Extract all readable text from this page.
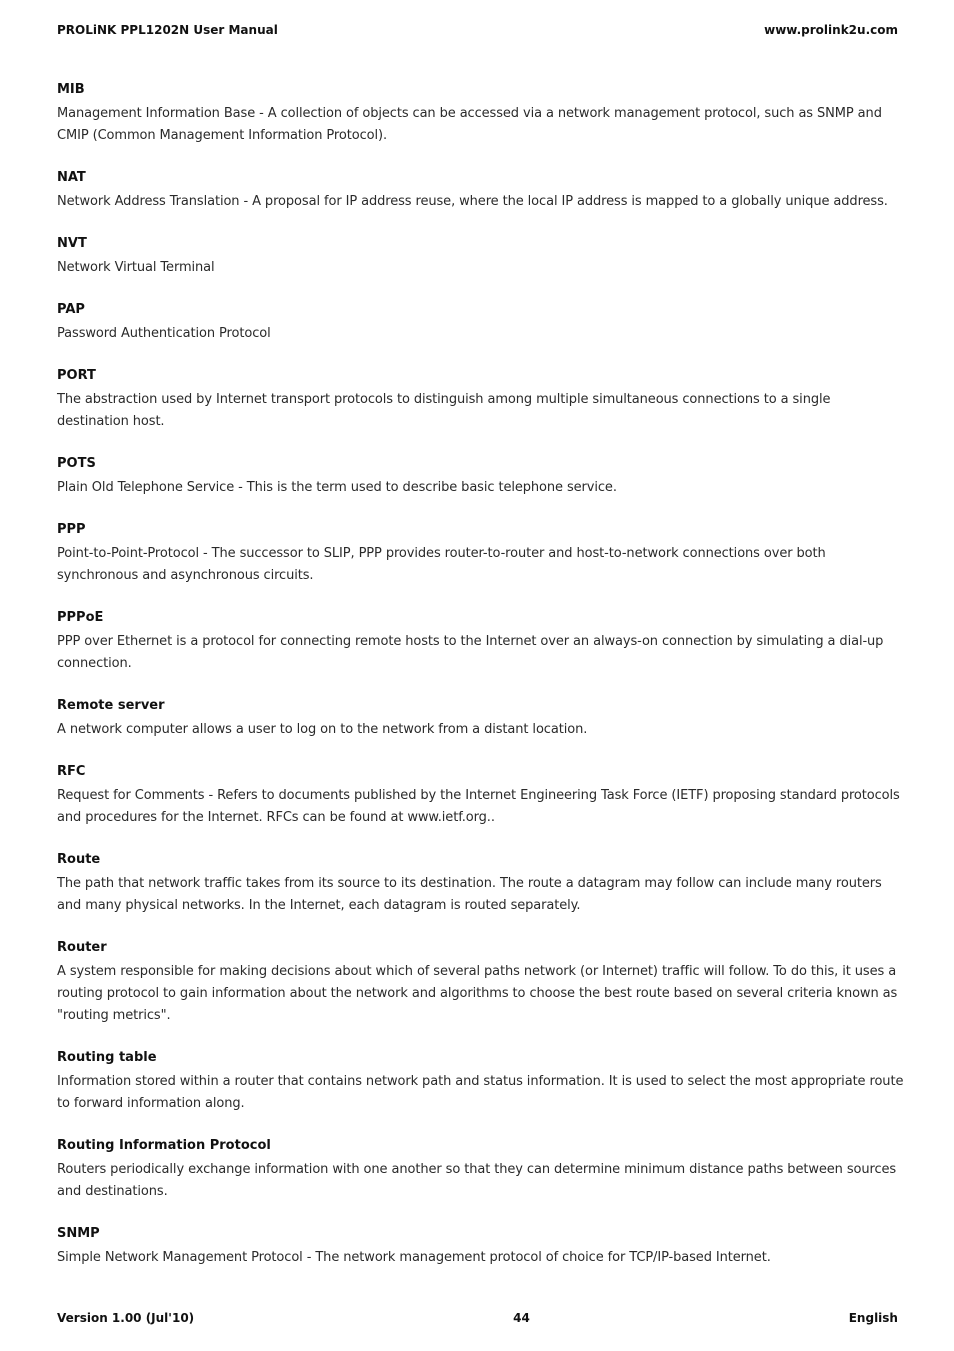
PROLiNK PPL1202N User Manual	www.prolink2u.com
MIB

Management Information Base - A collection of objects can be accessed via a network management protocol, such as SNMP and CMIP (Common Management Information Protocol).

NAT

Network Address Translation - A proposal for IP address reuse, where the local IP address is mapped to a globally unique address.

NVT

Network Virtual Terminal

PAP

Password Authentication Protocol

PORT

The abstraction used by Internet transport protocols to distinguish among multiple simultaneous connections to a single destination host.

POTS

Plain Old Telephone Service - This is the term used to describe basic telephone service.

PPP

Point-to-Point-Protocol - The successor to SLIP, PPP provides router-to-router and host-to-network connections over both synchronous and asynchronous circuits.

PPPoE

PPP over Ethernet is a protocol for connecting remote hosts to the Internet over an always-on connection by simulating a dial-up connection.

Remote server

A network computer allows a user to log on to the network from a distant location.

RFC

Request for Comments - Refers to documents published by the Internet Engineering Task Force (IETF) proposing standard protocols and procedures for the Internet. RFCs can be found at www.ietf.org..

Route

The path that network traffic takes from its source to its destination. The route a datagram may follow can include many routers and many physical networks. In the Internet, each datagram is routed separately.

Router

A system responsible for making decisions about which of several paths network (or Internet) traffic will follow. To do this, it uses a routing protocol to gain information about the network and algorithms to choose the best route based on several criteria known as "routing metrics".

Routing table

Information stored within a router that contains network path and status information. It is used to select the most appropriate route to forward information along.

Routing Information Protocol

Routers periodically exchange information with one another so that they can determine minimum distance paths between sources and destinations.

SNMP

Simple Network Management Protocol - The network management protocol of choice for TCP/IP-based Internet.

Version 1.00 (Jul'10)	44	English
